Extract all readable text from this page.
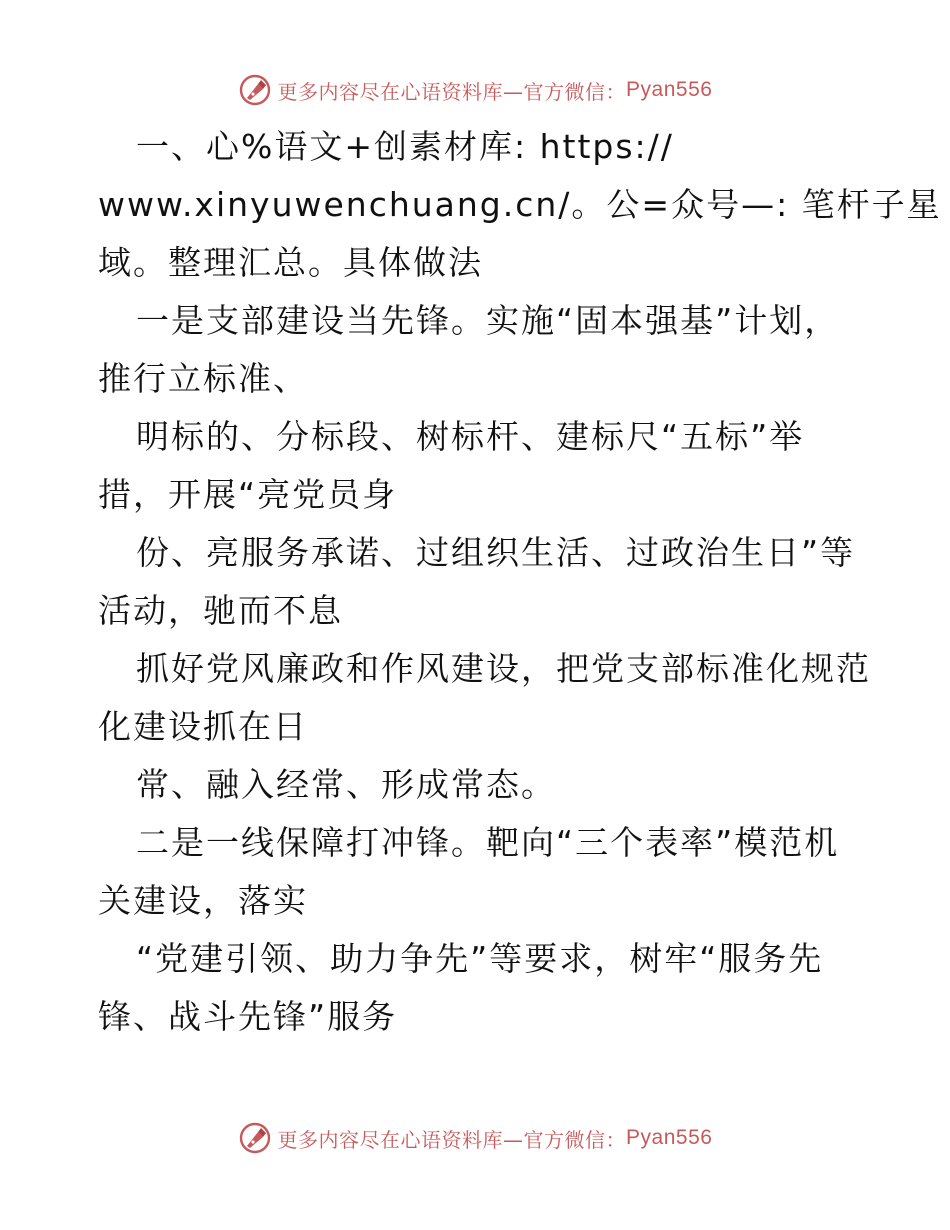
更多内容尽在心语资料库—官方微信： Pyan556
一、心%语文+创素材库: https://
www.xinyuwenchuang.cn/。公=众号—: 笔杆子星
域。整理汇总。具体做法
一是支部建设当先锋。实施“固本强基”计划，
推行立标准、
明标的、分标段、树标杆、建标尺“五标”举
措，开展“亮党员身
份、亮服务承诺、过组织生活、过政治生日”等
活动，驰而不息
抓好党风廉政和作风建设，把党支部标准化规范
化建设抓在日
常、融入经常、形成常态。
二是一线保障打冲锋。靶向“三个表率”模范机
关建设，落实
“党建引领、助力争先”等要求，树牢“服务先
锋、战斗先锋”服务
更多内容尽在心语资料库—官方微信： Pyan556
